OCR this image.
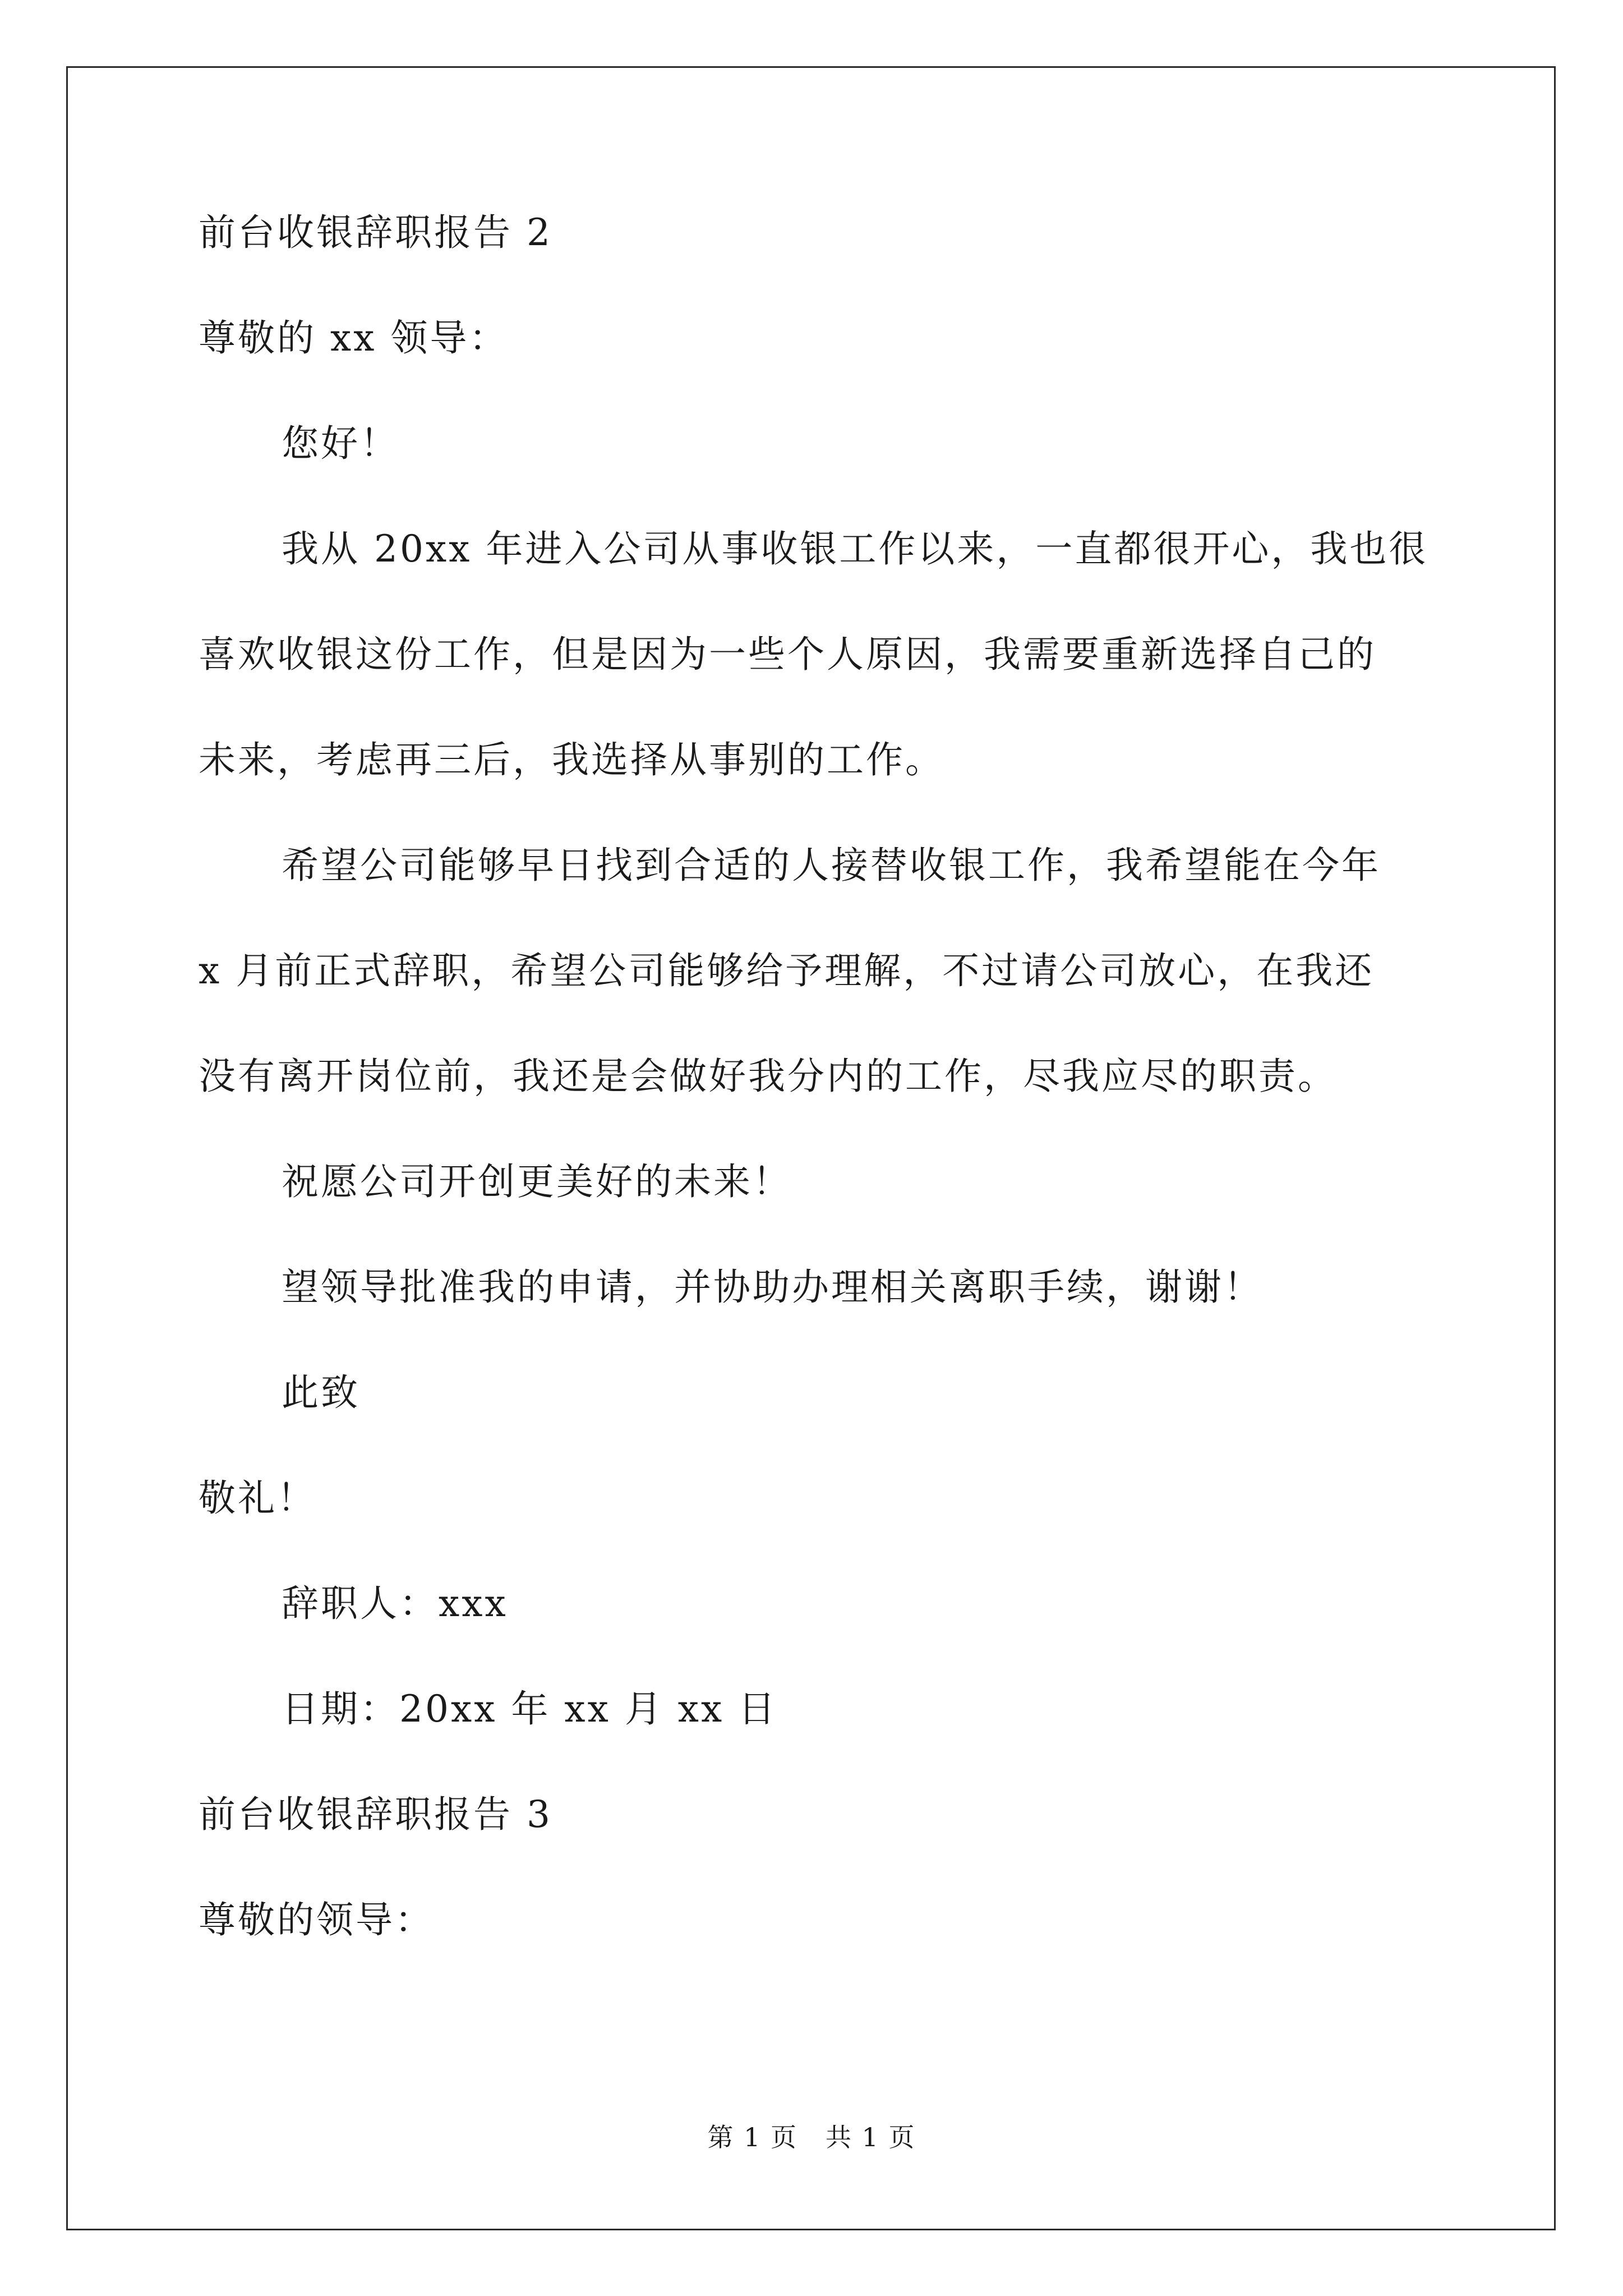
前台收银辞职报告 2
尊敬的 xx 领导：
您好！
我从 20xx 年进入公司从事收银工作以来，一直都很开心，我也很
喜欢收银这份工作，但是因为一些个人原因，我需要重新选择自己的
未来，考虑再三后，我选择从事别的工作。
希望公司能够早日找到合适的人接替收银工作，我希望能在今年
x 月前正式辞职，希望公司能够给予理解，不过请公司放心，在我还
没有离开岗位前，我还是会做好我分内的工作，尽我应尽的职责。
祝愿公司开创更美好的未来！
望领导批准我的申请，并协助办理相关离职手续，谢谢！
此致
敬礼！
辞职人：xxx
日期：20xx 年 xx 月 xx 日
前台收银辞职报告 3
尊敬的领导：
第 1 页 共 1 页
